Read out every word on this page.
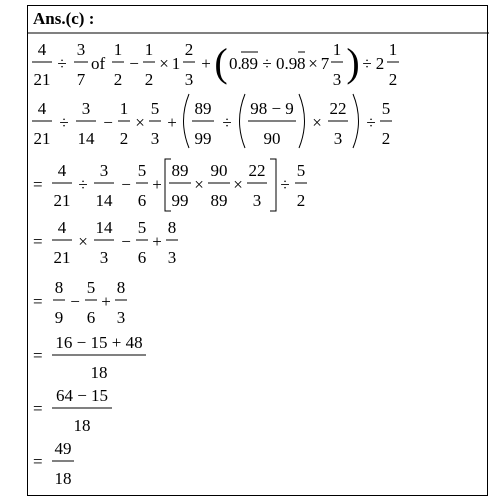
Ans.(c) :
4
21
÷
3
7
of
1
2
−
1
2
× 1
2
3
+ ( 0. 89 ÷ 0.9 8 × 7
1
3 ) ÷ 2
1
2
4
21
÷
3
14
−
1
2
×
5
3
+
89
99
÷
98 − 9
90
×
22
3
÷
5
2
=
4
21
÷
3
14
−
5
6
+
89
99
×
90
89
×
22
3
÷
5
2
=
4
21
×
14
3
−
5
6
+
8
3
=
8
9
−
5
6
+
8
3
=
16 − 15 + 48
18
=
64 − 15
18
=
49
18
